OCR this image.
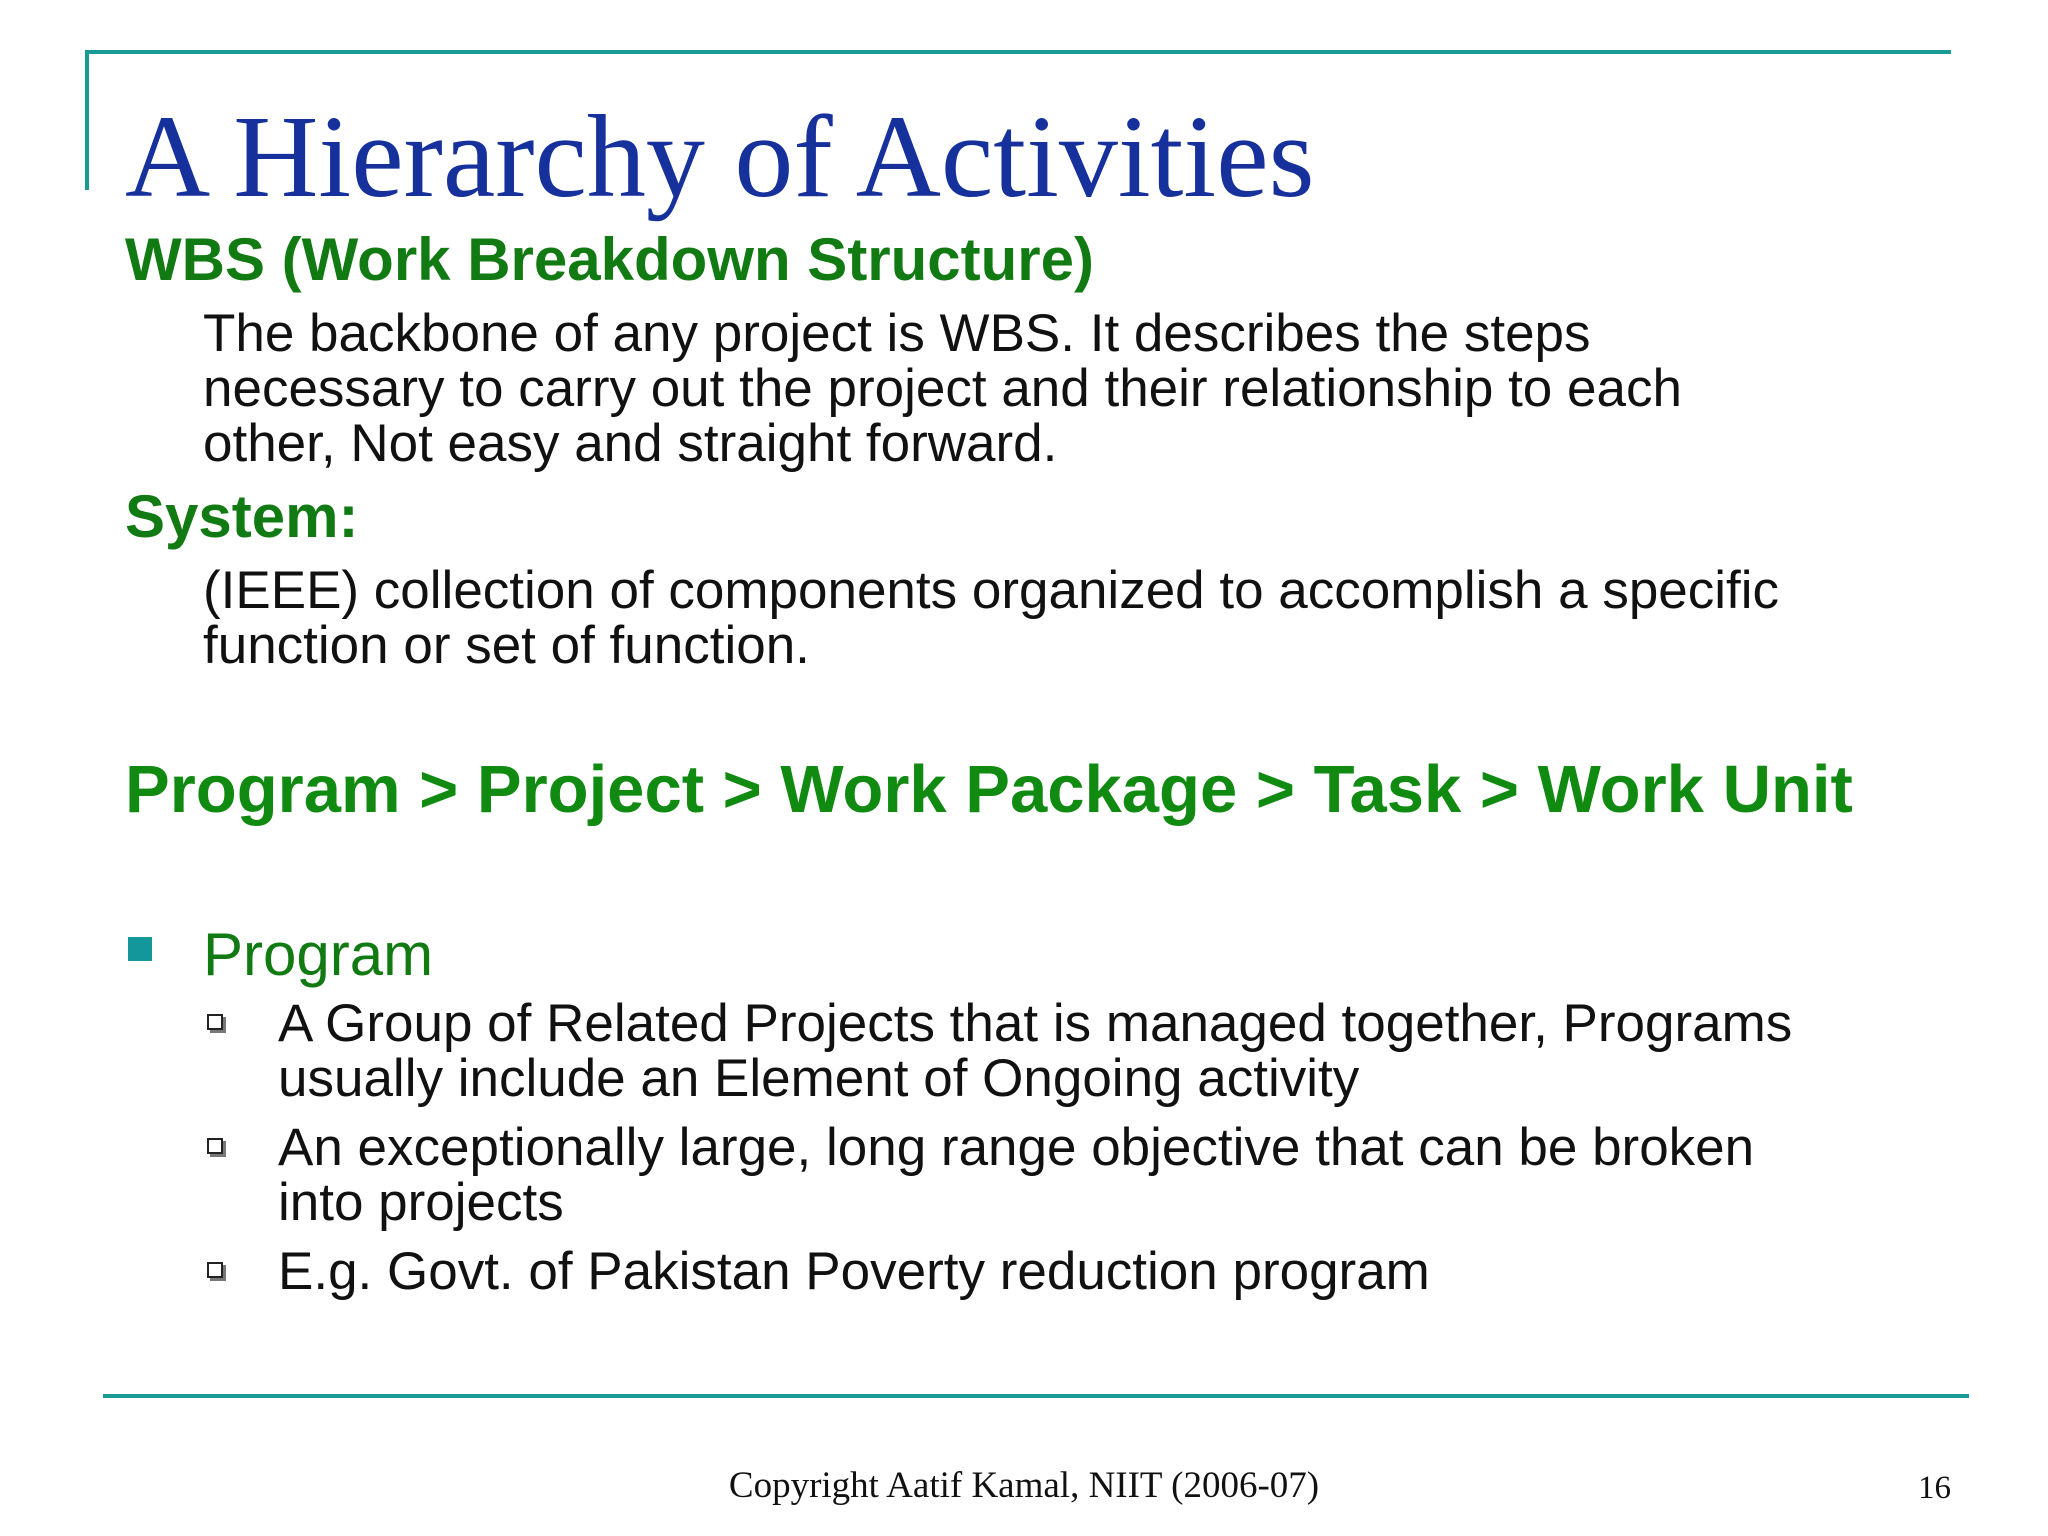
A Hierarchy of Activities
WBS (Work Breakdown Structure)

The backbone of any project is WBS. It describes the steps
necessary to carry out the project and their relationship to each
other, Not easy and straight forward.

System:

(IEEE) collection of components organized to accomplish a specific
function or set of function.

Program > Project > Work Package > Task > Work Unit

Program

A Group of Related Projects that is managed together, Programs
usually include an Element of Ongoing activity
An exceptionally large, long range objective that can be broken
into projects
E.g. Govt. of Pakistan Poverty reduction program

Copyright Aatif Kamal, NIIT (2006-07)	16
